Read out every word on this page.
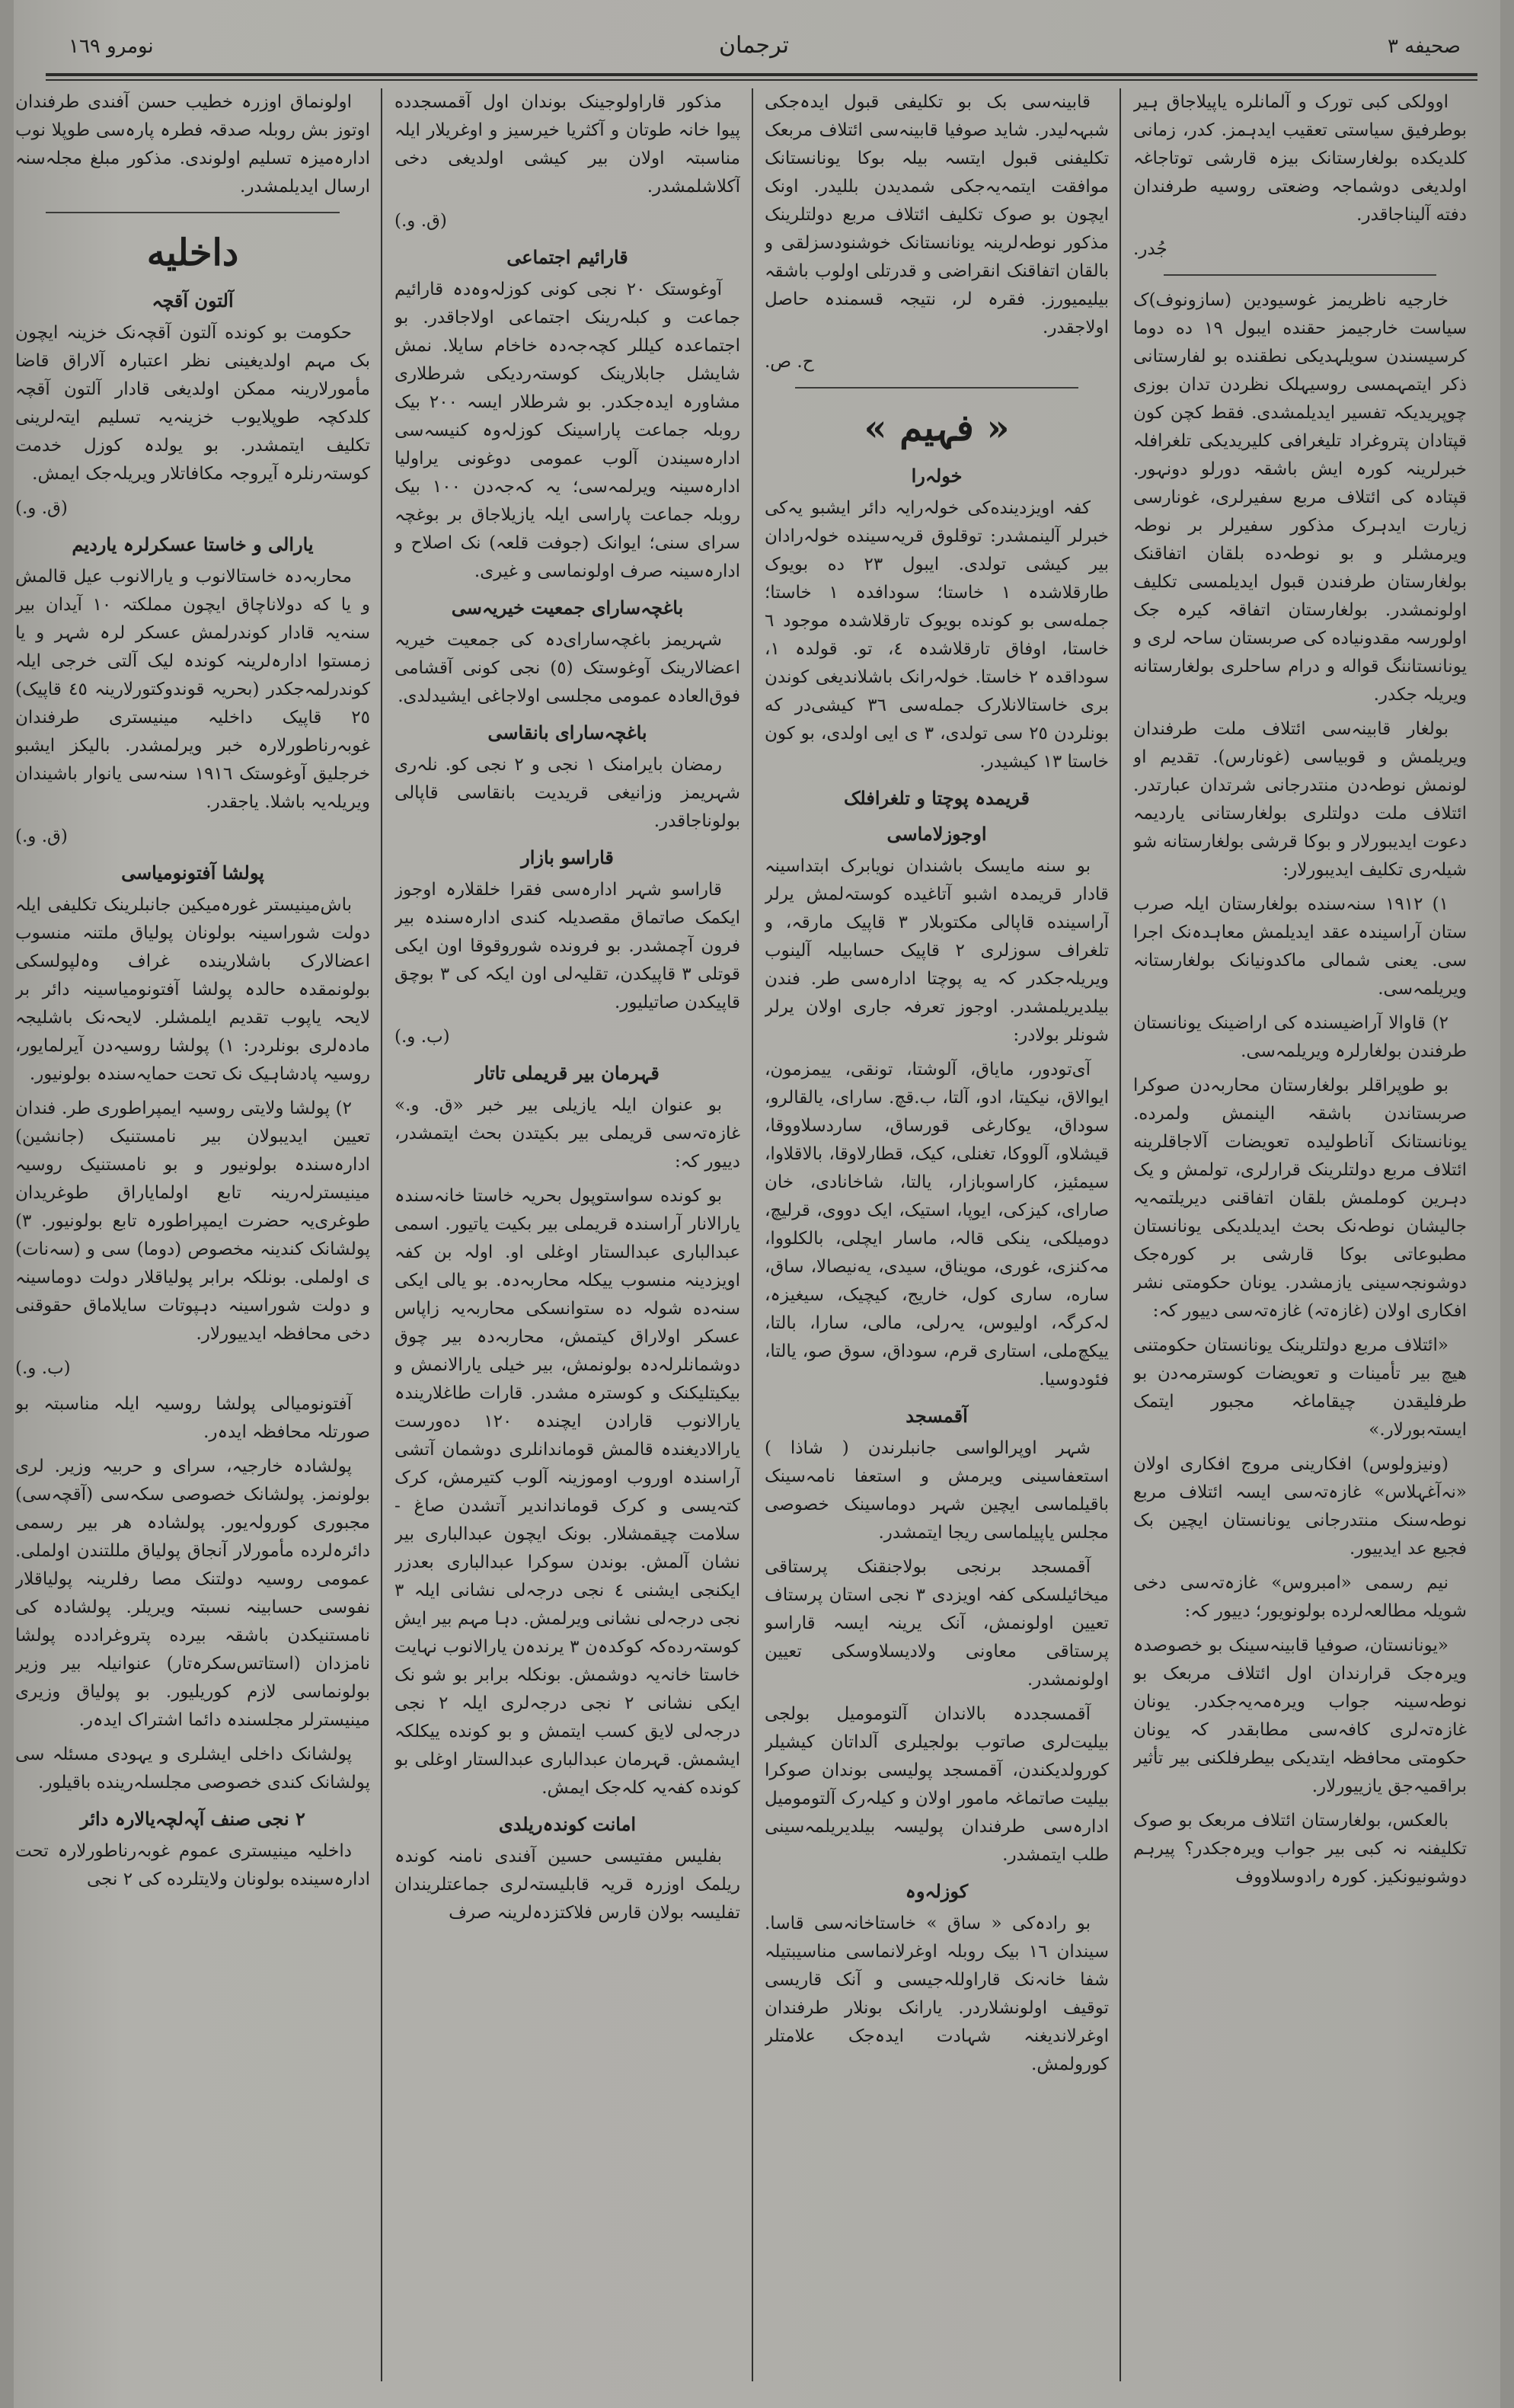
صحيفه ٣
ترجمان
نومرو ١٦٩

اوولکی کبی تورک و آلمانلره یاپیلاجاق ہیر بوطرفیق سیاستی تعقیب ایدہمز. کدر، زمانی کلدیکده بولغارستانک بیزہ قارشی توتاجاغہ اولدیغی دوشماجہ وضعتی روسیه طرفندان دفته آلیناجاقدر.

جُدر.

خارجیه ناظریمز غوسیودین (سازونوف)ک سیاست خارجیمز حقنده ایبول ١٩ ده دوما کرسیسندن سویلہدیکی نطقنده بو لفارستانی ذکر ایتمہمسی روسیہلک نظردن تدان بوزی چوپریدیکہ تفسیر ایدیلمشدی. فقط کچن کون قپتادان پتروغراد تلیغرافی کلیریدیکی تلغرافلہ خبرلرینہ کورہ ایش باشقہ دورلو دونہور. قپتادہ کی ائتلاف مربع سفیرلری، غونارسی زیارت ایدہرک مذکور سفیرلر بر نوطہ ویرمشلر و بو نوطہ‌ده بلقان اتفاقنک بولغارستان طرفندن قبول ایدیلمسی تکلیف اولونمشدر. بولغارستان اتفاقہ کیرہ جک اولورسہ مقدونیاده کی صربستان ساحہ لری و یونانستاننگ قواله و درام ساحلری بولغارستانه ویریلہ جکدر.

بولغار قابینہ‌سی ائتلاف ملت طرفندان ویریلمش و قوبیاسی (غونارس). تقدیم او لونمش نوطہ‌دن منتدرجانی شرتدان عبارتدر. ائتلاف ملت دولتلری بولغارستانی یاردیمہ دعوت ایدیبورلار و بوکا قرشی بولغارستانه شو شیلہ‌ری تکلیف ایدیبورلار:

١) ١٩١٢ سنہ‌سنده بولغارستان ایلہ صرب ستان آراسیندہ عقد ایدیلمش معاہدہ‌نک اجرا سی. یعنی شمالی ماکدونیانک بولغارستانہ ویریلمہ‌سی.

٢) قاوالا آراضیسندہ کی اراضینک یونانستان طرفندن بولغارلرہ ویریلمہ‌سی.

بو طوپراقلر بولغارستان محاربہ‌دن صوکرا صربستاندن باشقہ الینمش ولمرده. یونانستانک آناطولیده تعویضات آلاجاقلرینه ائتلاف مربع دولتلرینک قرارلری، تولمش و یک دہرین کوملمش بلقان اتفاقنی دیریلتمہ‌یہ جالیشان نوطہ‌نک بحث ایدیلدیکی یونانستان مطبوعاتی بوکا قارشی بر کورہ‌جک دوشونجہ‌سینی یازمشدر. یونان حکومتی نشر افکاری اولان (غازہ‌تہ) غازہ‌تہ‌سی دییور کہ:

«ائتلاف مربع دولتلرینک یونانستان حکومتنی هیچ بیر تأمینات و تعویضات کوسترمہ‌دن بو طرفلیقدن چیقاماغہ مجبور ایتمک ایستہ‌بورلار.»

(ونیزولوس) افکارینی مروج افکاری اولان «نہ‌آغہلاس» غازہ‌تہ‌سی ایسہ ائتلاف مربع نوطہ‌سنک منتدرجانی یونانستان ایچین بک فجیع عد ایدییور.

نیم رسمی «امبروس» غازہ‌تہ‌سی دخی شویلہ مطالعہ‌لرده بولونویور؛ دییور کہ:

«یونانستان، صوفیا قابینہ‌سینک بو خصوصدہ ویرہ‌جک قرارندان اول ائتلاف مربعک بو نوطہ‌سینہ جواب ویرہ‌مہ‌یہ‌جکدر. یونان غازہ‌تہ‌لری کافہ‌سی مطابقدر کہ یونان حکومتی محافظہ ایتدیکی بیطرفلکنی بیر تأثیر براقمیہ‌جق یازییورلار.

بالعکس، بولغارستان ائتلاف مربعک بو صوک تکلیفنہ نہ کبی بیر جواب ویرہ‌جکدر؟ پیرہم دوشونیونکیز. کورہ رادوسلاووف

قابینہ‌سی بک بو تکلیفی قبول ایدہ‌جکی شبہہ‌لیدر. شاید صوفیا قابینہ‌سی ائتلاف مربعک تکلیفنی قبول ایتسہ بیلہ بوکا یونانستانک موافقت ایتمہ‌یہ‌جکی شمدیدن بللیدر. اونک ایچون بو صوک تکلیف ائتلاف مربع دولتلرینک مذکور نوطہ‌لرینہ یونانستانک خوشنودسزلقی و بالقان اتفاقنک انقراضی و قدرتلی اولوب باشقہ بیلیمیورز. فقرہ لر، نتیجہ قسمندہ حاصل اولاجقدر.

ح. ص.
« فہیم »
خولہ‌را

کفہ اویزدینده‌کی خولہ‌رایہ دائر ایشبو یہ‌کی خبرلر آلینمشدر: توقلوق قریہ‌سینده خولہ‌رادان بیر کیشی تولدی. ایبول ٢٣ ده بویوک طارقلاشدہ ١ خاستا؛ سودافدہ ١ خاستا؛ جمله‌سی بو کونده بویوک تارقلاشدہ موجود ٦ خاستا، اوفاق تارقلاشدہ ٤، تو. قولدہ ١، سوداقدہ ٢ خاستا. خولہ‌رانک باشلاندیغی کوندن بری خاستالانلارک جمله‌سی ٣٦ کیشی‌در که بونلردن ٢٥ سی تولدی، ٣ ی ایی اولدی، بو کون خاستا ١٣ کیشیدر.

قریمدہ پوچتا و تلغرافلک
اوجوزلاماسی

بو سنه مایسک باشندان نویابرک ابتداسینہ قادار قریمدہ اشبو آتاغیده کوستہ‌لمش یرلر آراسینده قاپالی مکتوبلار ٣ قاپیک مارقہ، و تلغراف سوزلری ٢ قاپیک حسابیلہ آلینوب ویریلہ‌جکدر کہ یه پوچتا ادارہ‌سی طر. فندن بیلدیریلمشدر. اوجوز تعرفہ جاری اولان یرلر شونلر بولادر:

آی‌تودور، مایاق، آلوشتا، تونقی، ییمزمون، ایوالاق، نیکیتا، ادو، آلتا، ب.قچ. سارای، یالقالرو، سوداق، یوکارغی قورساق، ساردسلاووقا، قیشلاو، آلووکا، تغنلی، کیک، قطارلاوقا، بالاقلاوا، سیمئیز، کاراسوبازار، یالتا، شاخانادی، خان صارای، کیزکی، ایوپا، استیک، ایک دووی، قرلیچ، دومیلکی، ینکی قالہ، ماسار ایچلی، بالکلووا، مہ‌کنزی، غوری، مویناق، سیدی، یه‌نیصالا، ساق، ساره، ساری کول، خاریج، کیچیک، سیغیزہ، لہ‌کرگہ، اولیوس، یہ‌رلی، مالی، سارا، بالتا، ییکچ‌ملی، استاری قرم، سوداق، سوق صو، یالتا، فئودوسیا.

آقمسجد

شہر اوپرالواسی جانبلرندن ( شاذا ) استعفاسینی ویرمش و استعفا نامہ‌سینک باقیلماسی ایچین شہر دوماسینک خصوصی مجلس یاپیلماسی ریجا ایتمشدر.

آقمسجد برنجی بولاجنقنک پرستاقی میخائیلسکی کفہ اویزدی ٣ نجی استان پرستاف تعیین اولونمش، آنک یرینہ ایسہ قاراسو پرستاقی معاونی ولادیسلاوسکی تعیین اولونمشدر.

آقمسجددہ بالاندان آلتومومیل بولجی بیلیت‌لری صاتوب بولجیلری آلداتان کیشیلر کورولدیکندن، آقمسجد پولیسی بوندان صوکرا بیلیت صاتماغہ مامور اولان و کیلہ‌رک آلتومومیل ادارہ‌سی طرفندان پولیسہ بیلدیریلمہ‌سینی طلب ایتمشدر.

کوزلہ‌وہ

بو رادہ‌کی « ساق » خاستاخانہ‌سی قاسا. سیندان ١٦ بیک روبلہ اوغرلانماسی مناسیبتیلہ شفا خانہ‌نک قارا‌وللہ‌جیسی و آنک قاریسی توقیف اولونشلاردر. یارانک بونلار طرفندان اوغرلاندیغنہ شہادت ایدہ‌جک علامتلر کورولمش.

مذکور قاراولوجینک بوندان اول آقمسجدده پیوا خانہ طوتان و آکثریا خیرسیز و اوغریلار ایلہ مناسبتہ اولان بیر کیشی اولدیغی دخی آکلاشلمشدر.

(ق. و.)
قارائیم اجتماعی

آوغوستک ٢٠ نجی کونی کوزلہ‌وہ‌دہ قارائیم جماعت و کبلہ‌رینک اجتماعی اولاجاقدر. بو اجتماعدہ کیللر کچہ‌جہ‌دہ خاخام سایلا. نمش شایشل جابلارینک کوستہ‌ردیکی شرطلاری مشاورہ ایدہ‌جکدر. بو شرطلار ایسہ ٢٠٠ بیک روبلہ جماعت پاراسینک کوزلہ‌وہ کنیسہ‌سی ادارہ‌سیندن آلوب عمومی دوغونی یراولیا ادارہ‌سینہ ویرلمہ‌سی؛ یہ کہ‌جہ‌دن ١٠٠ بیک روبلہ جماعت پاراسی ایلہ یازیلاجاق بر بوغچہ سرای سنی؛ ایوانک (جوفت قلعہ) نک اصلاح و ادارہ‌سینہ صرف اولونماسی و غیری.

باغچہ‌سارای جمعیت خیریہ‌سی

شہریمز باغچہ‌سارای‌دہ کی جمعیت خیریہ اعضالارینک آوغوستک (٥) نجی کونی آقشامی فوق‌العادہ عمومی مجلسی اولاجاغی ایشیدلدی.

باغچہ‌سارای بانقاسی

رمضان بایرامنک ١ نجی و ٢ نجی کو. نلہ‌ری شہریمز وزانیغی قریدیت بانقاسی قاپالی بولوناجاقدر.

قاراسو بازار

قاراسو شہر ادارہ‌سی فقرا خلقلارہ اوجوز ایکمک صاتماق مقصدیلہ کندی ادارہ‌سندہ بیر فرون آچمشدر. بو فرونده شوروقوقا اون ایکی قوتلی ٣ قاپیکدن، تقلیہ‌لی اون ایکہ کی ٣ بوچق قاپیکدن صاتیلیور.

(ب. و.)
قہرمان بیر قریملی تاتار

بو عنوان ایلہ یازیلی بیر خبر «ق. و.» غازہ‌تہ‌سی قریملی بیر بکیتدن بحث ایتمشدر، دییور کہ:

بو کونده سواستوپول بحریہ خاستا خانہ‌سندہ یارالانار آراسندہ قریملی بیر بکیت یاتیور. اسمی عبدالباری عبدالستار اوغلی او. اولہ بن کفہ اویزدینہ منسوب ییکلہ محاربہ‌دہ. بو یالی ایکی سنہ‌ده شولہ ده ستوانسکی محاربہ‌یہ زاپاس عسکر اولاراق کیتمش، محاربہ‌دہ بیر چوق دوشمانلرلہ‌دہ بولونمش، بیر خیلی یارالانمش و بیکیتلیکنک و کوسترہ مشدر. قارات طاغلاریندہ یارالانوب قارادن ایچندہ ١٢٠ ده‌ورست یارالادیغندہ قالمش قوماندانلری دوشمان آتشی آراسندہ اوروب اوموزینہ آلوب کتیرمش، کرک کتہ‌یسی و کرک قومانداندیر آتشدن صاغ - سلامت چیقمشلار. بونک ایچون عبدالباری بیر نشان آلمش. بوندن سوکرا عبدالباری بعد‌زر ایکنجی ایشنی ٤ نجی درجہ‌لی نشانی ایلہ ٣ نجی درجہ‌لی نشانی ویرلمش. دہا مہم بیر ایش کوستہ‌رده‌کہ کوکدہ‌ن ٣ یرندہ‌ن یارالانوب نہایت خاستا خانہ‌یہ دوشمش. بونکلہ برابر بو شو نک ایکی نشانی ٢ نجی درجہ‌لری ایلہ ٢ نجی درجہ‌لی لایق کسب ایتمش و بو کونده ییکلکہ ایشمش. قہرمان عبدالباری عبدالستار اوغلی بو کونده کفہ‌یہ کلہ‌جک ایمش.

امانت کوندہ‌ریلدی

بفلیس مفتیسی حسین آفندی نامنہ کوندہ ریلمک اوزرہ قریہ قابلیستہ‌لری جماعتلریندان تفلیسہ بولان قارس فلاکتزدہ‌لرینہ صرف

اولونماق اوزرہ خطیب حسن آفندی طرفندان اوتوز بش روبلہ صدقہ فطرہ پارہ‌سی طوپلا نوب ادارہ‌میزہ تسلیم اولوندی. مذکور مبلغ مجلہ‌سنہ ارسال ایدیلمشدر.

داخلیه
آلتون آقچہ

حکومت بو کونده آلتون آقچہ‌نک خزینہ ایچون بک مہم اولدیغینی نظر اعتبارہ آلاراق قاضا مأمورلارینہ ممکن اولدیغی قادار آلتون آقچہ کلدکچہ طوپلایوب خزینہ‌یہ تسلیم ایتہ‌لرینی تکلیف ایتمشدر. بو یولدہ کوزل خدمت کوستہ‌رنلرہ آیروجہ مکافاتلار ویریلہ‌جک ایمش.

(ق. و.)
یارالی و خاستا عسکرلرہ یاردیم

محاربہ‌دہ خاستالانوب و یارالانوب عیل قالمش و یا که دولاناچاق ایچون مملکتہ ١٠ آیدان بیر سنہ‌یہ قادار کوندرلمش عسکر لرہ شہر و یا زمستوا ادارہ‌لرینہ کوندہ لیک آلتی خرجی ایلہ کوندرلمہ‌جکدر (بحریہ قوندوکتورلارینہ ٤٥ قاپیک) ٢٥ قاپیک داخلیہ مینیستری طرفندان غوبہ‌رناطورلارہ خبر ویرلمشدر. بالیکز ایشبو خرجلیق آوغوستک ١٩١٦ سنہ‌سی یانوار باشیندان ویریلہ‌یہ باشلا. یاجقدر.

(ق. و.)
پولشا آفتونومیاسی

باش‌مینیستر غورہ‌میکین جانبلرینک تکلیفی ایلہ دولت شوراسینہ بولونان پولیاق ملتنہ منسوب اعضالارک باشلارینده غراف وہ‌لپولسکی بولونمقدہ حالدہ پولشا آفتونومیاسینہ دائر بر لایحہ یاپوب تقدیم ایلمشلر. لایحہ‌نک باشلیجہ مادہ‌لری بونلردر: ١) پولشا روسیہ‌دن آیرلمایور، روسیہ پادشاہیک نک تحت حمایہ‌سندہ بولونیور.

٢) پولشا ولایتی روسیہ ایمپراطوری طر. فندان تعیین ایدیبولان بیر نامستنیک (جانشین) ادارہ‌سندہ بولونیور و بو نامستنیک روسیہ مینیسترلہ‌رینہ تابع اولمایاراق طوغریدان طوغری‌یہ حضرت ایمپراطورہ تابع بولونیور. ٣) پولشانک کندینہ مخصوص (دوما) سی و (سہ‌نات) ی اولملی. بونلکہ برابر پولیاقلار دولت دوماسینہ و دولت شوراسینہ دہپوتات سایلاماق حقوقنی دخی محافظہ ایدییورلار.

(ب. و.)

آفتونومیالی پولشا روسیہ ایلہ مناسبتہ بو صورتلہ محافظہ ایدہ‌ر.

پولشادہ خارجیہ، سرای و حربیہ وزیر. لری بولونمز. پولشانک خصوصی سکہ‌سی (آقچہ‌سی) مجبوری کورولہ‌یور. پولشادہ هر بیر رسمی دائرہ‌لرده مأمورلار آنجاق پولیاق مللتندن اولملی. عمومی روسیہ دولتنک مصا رفلرینہ پولیاقلار نفوسی حسابینہ نسبتہ ویریلر. پولشادہ کی نامستنیکدن باشقہ بیرده پترو‌غرادده پولشا نامزدان (استاتس‌سکرہ‌تار) عنوانیلہ بیر وزیر بولونماسی لازم کوریلیور. بو پولیاق وزیری مینیسترلر مجلسندہ دائما اشتراک ایدہ‌ر.

پولشانک داخلی ایشلری و یہودی مسئلہ سی پولشانک کندی خصوصی مجلسلہ‌رینده باقیلور.

٢ نجی صنف آپہ‌لچہ‌یالارہ دائر

داخلیہ مینیستری عموم غوبہ‌رناطورلارہ تحت ادارہ‌سینده بولونان ولایتلرده کی ٢ نجی
